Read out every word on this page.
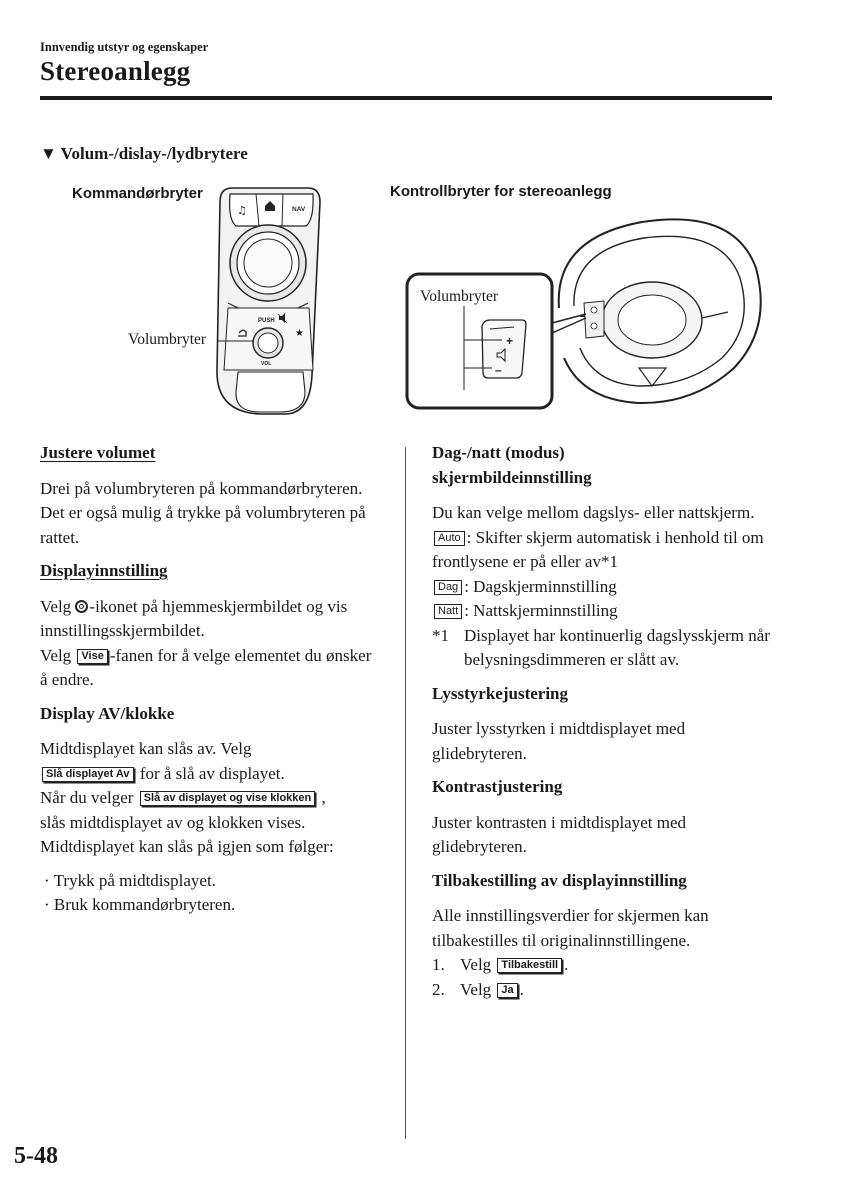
Innvendig utstyr og egenskaper
Stereoanlegg
▼ Volum-/dislay-/lydbrytere
Kommandørbryter	Kontrollbryter for stereoanlegg
♫	NAV
PUSH
★
VOL
Volumbryter	+
–
Volumbryter
Justere volumet

Drei på volumbryteren på kommandørbryteren. Det er også mulig å trykke på volumbryteren på rattet.

Displayinnstilling

Velg -ikonet på hjemmeskjermbildet og vis innstillingsskjermbildet.

Velg Vise -fanen for å velge elementet du ønsker å endre.

Display AV/klokke

Midtdisplayet kan slås av. Velg

Slå displayet Av for å slå av displayet.

Når du velger Slå av displayet og vise klokken ,

slås midtdisplayet av og klokken vises. Midtdisplayet kan slås på igjen som følger:

· Trykk på midtdisplayet.

· Bruk kommandørbryteren.

Dag-/natt (modus)
skjermbildeinnstilling

Du kan velge mellom dagslys- eller nattskjerm.

Auto : Skifter skjerm automatisk i henhold til om frontlysene er på eller av*1

Dag : Dagskjerminnstilling

Natt : Nattskjerminnstilling

*1 Displayet har kontinuerlig dagslysskjerm når belysningsdimmeren er slått av.

Lysstyrkejustering

Juster lysstyrken i midtdisplayet med glidebryteren.

Kontrastjustering

Juster kontrasten i midtdisplayet med glidebryteren.

Tilbakestilling av displayinnstilling

Alle innstillingsverdier for skjermen kan tilbakestilles til originalinnstillingene.

1. Velg Tilbakestill .

2. Velg Ja .

5-48
